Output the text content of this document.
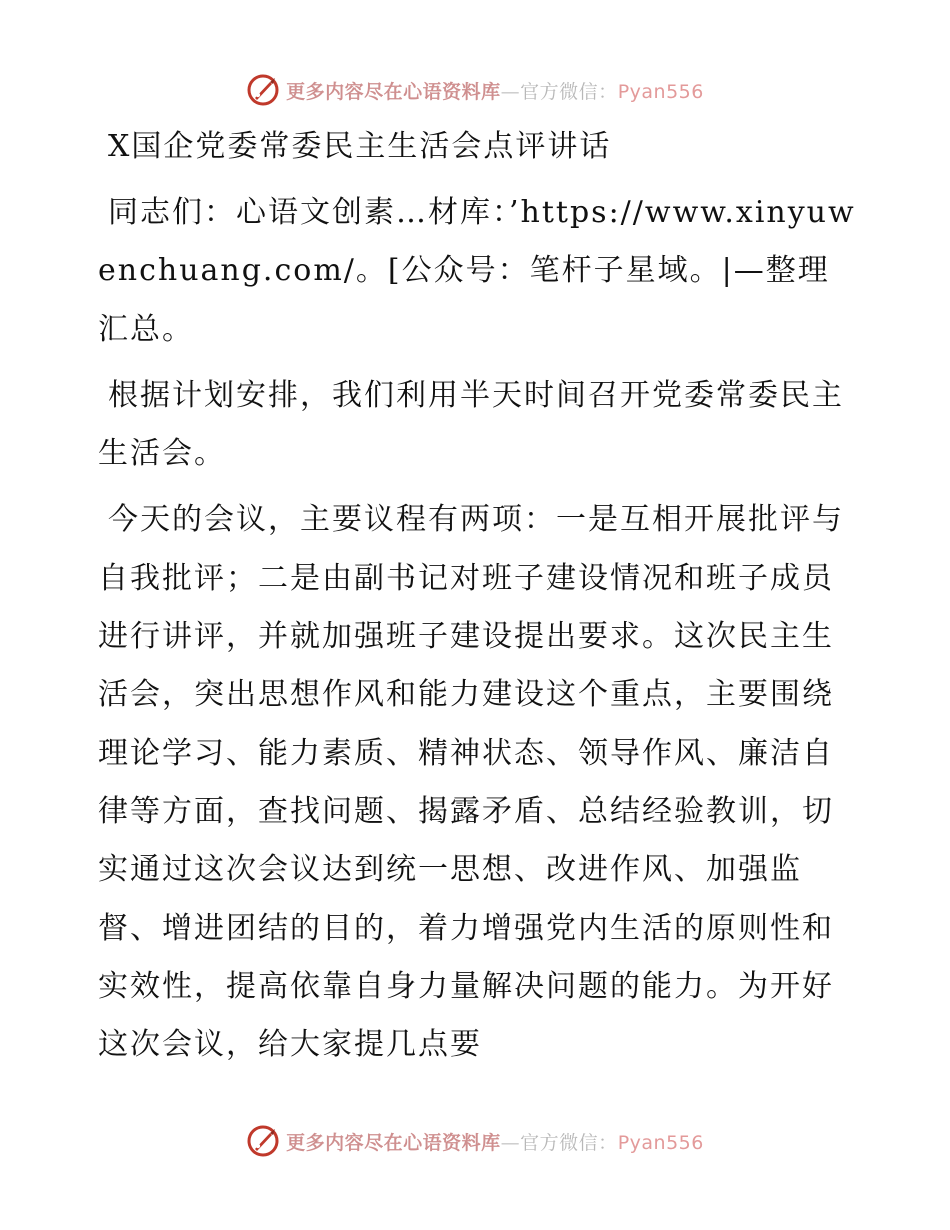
更多内容尽在心语资料库—官方微信：Pyan556
X国企党委常委民主生活会点评讲话

同志们：心语文创素…材库：’https://www.xinyuwenchuang.com/。[公众号：笔杆子星域。|—整理汇总。

根据计划安排，我们利用半天时间召开党委常委民主生活会。

今天的会议，主要议程有两项：一是互相开展批评与自我批评；二是由副书记对班子建设情况和班子成员进行讲评，并就加强班子建设提出要求。这次民主生活会，突出思想作风和能力建设这个重点，主要围绕理论学习、能力素质、精神状态、领导作风、廉洁自律等方面，查找问题、揭露矛盾、总结经验教训，切实通过这次会议达到统一思想、改进作风、加强监督、增进团结的目的，着力增强党内生活的原则性和实效性，提高依靠自身力量解决问题的能力。为开好这次会议，给大家提几点要

更多内容尽在心语资料库—官方微信：Pyan556
